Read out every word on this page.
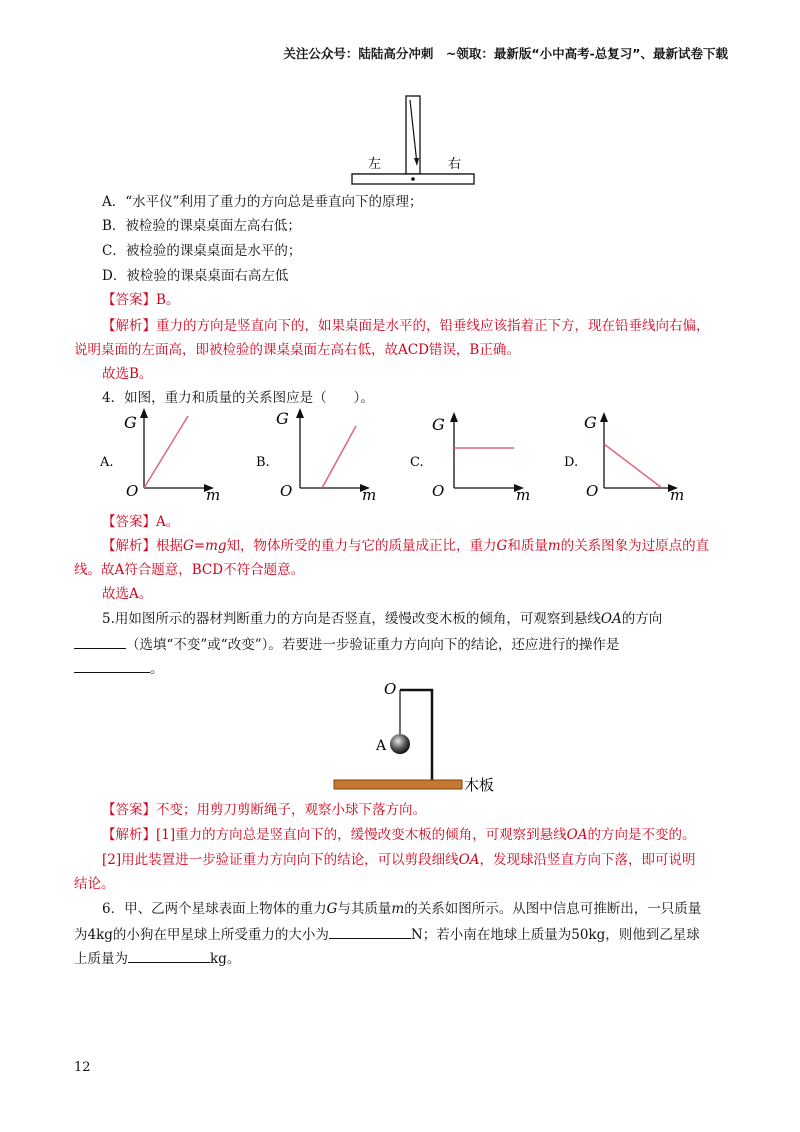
关注公众号：陆陆高分冲刺　~领取：最新版“小中高考-总复习”、最新试卷下载
左	右
A．“水平仪”利用了重力的方向总是垂直向下的原理；
B．被检验的课桌桌面左高右低；
C．被检验的课桌桌面是水平的；
D．被检验的课桌桌面右高左低
【答案】B。
【解析】重力的方向是竖直向下的，如果桌面是水平的，铅垂线应该指着正下方，现在铅垂线向右偏，
说明桌面的左面高，即被检验的课桌桌面左高右低，故ACD错误，B正确。
故选B。
4．如图，重力和质量的关系图应是（　　）。
A.
G
O	m
B.
G
O	m
C.
G
O	m
D.
G
O	m
【答案】A。
【解析】根据G=mg知，物体所受的重力与它的质量成正比，重力G和质量m的关系图象为过原点的直
线。故A符合题意，BCD不符合题意。
故选A。
5.用如图所示的器材判断重力的方向是否竖直，缓慢改变木板的倾角，可观察到悬线OA的方向
（选填“不变”或“改变”）。若要进一步验证重力方向向下的结论，还应进行的操作是
。
O
A
木板
【答案】不变；用剪刀剪断绳子，观察小球下落方向。
【解析】[1]重力的方向总是竖直向下的，缓慢改变木板的倾角，可观察到悬线OA的方向是不变的。
[2]用此装置进一步验证重力方向向下的结论，可以剪段细线OA，发现球沿竖直方向下落，即可说明
结论。
6．甲、乙两个星球表面上物体的重力G与其质量m的关系如图所示。从图中信息可推断出，一只质量
为4kg的小狗在甲星球上所受重力的大小为	N；若小南在地球上质量为50kg，则他到乙星球
上质量为	kg。
12
